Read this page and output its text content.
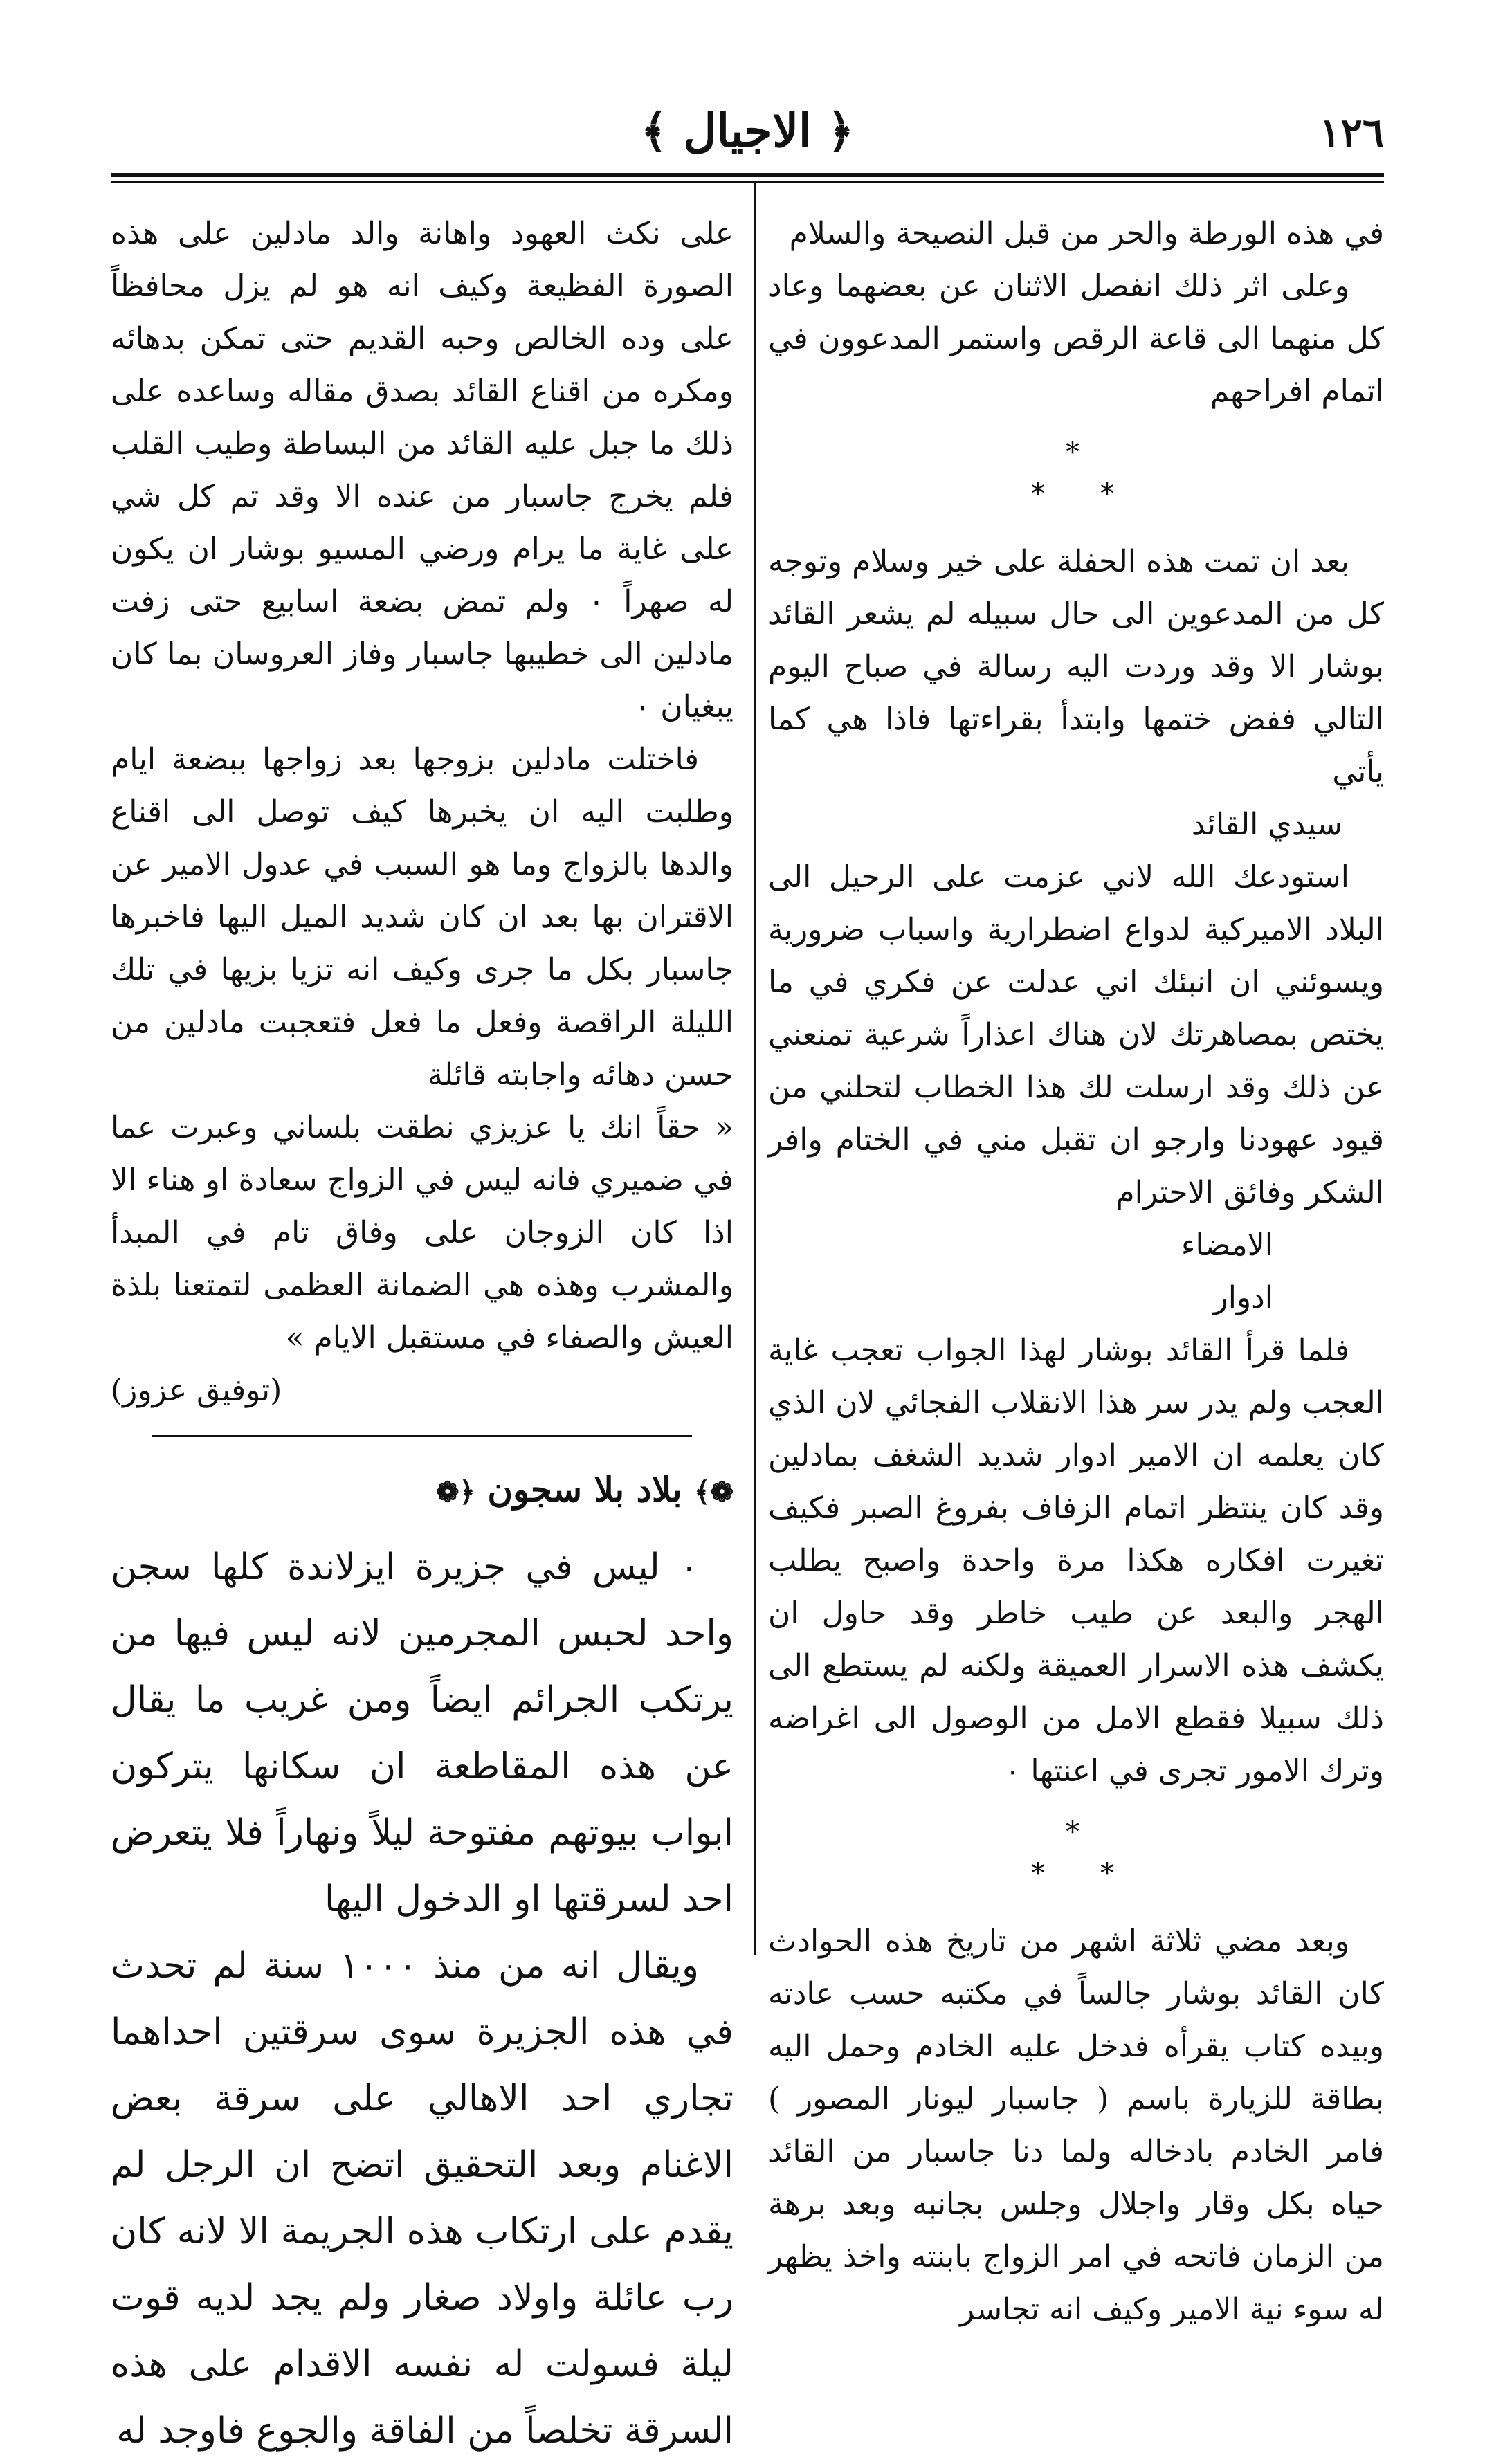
١٢٦
﴿ الاجيال ﴾

في هذه الورطة والحر من قبل النصيحة والسلام

وعلى اثر ذلك انفصل الاثنان عن بعضهما وعاد كل منهما الى قاعة الرقص واستمر المدعوون في اتمام افراحهم

*
* *

بعد ان تمت هذه الحفلة على خير وسلام وتوجه كل من المدعوين الى حال سبيله لم يشعر القائد بوشار الا وقد وردت اليه رسالة في صباح اليوم التالي ففض ختمها وابتدأ بقراءتها فاذا هي كما يأتي

سيدي القائد

استودعك الله لاني عزمت على الرحيل الى البلاد الاميركية لدواع اضطرارية واسباب ضرورية ويسوئني ان انبئك اني عدلت عن فكري في ما يختص بمصاهرتك لان هناك اعذاراً شرعية تمنعني عن ذلك وقد ارسلت لك هذا الخطاب لتحلني من قيود عهودنا وارجو ان تقبل مني في الختام وافر الشكر وفائق الاحترام

الامضاء

ادوار

فلما قرأ القائد بوشار لهذا الجواب تعجب غاية العجب ولم يدر سر هذا الانقلاب الفجائي لان الذي كان يعلمه ان الامير ادوار شديد الشغف بمادلين وقد كان ينتظر اتمام الزفاف بفروغ الصبر فكيف تغيرت افكاره هكذا مرة واحدة واصبح يطلب الهجر والبعد عن طيب خاطر وقد حاول ان يكشف هذه الاسرار العميقة ولكنه لم يستطع الى ذلك سبيلا فقطع الامل من الوصول الى اغراضه وترك الامور تجرى في اعنتها ٠

*
* *

وبعد مضي ثلاثة اشهر من تاريخ هذه الحوادث كان القائد بوشار جالساً في مكتبه حسب عادته وبيده كتاب يقرأه فدخل عليه الخادم وحمل اليه بطاقة للزيارة باسم ( جاسبار ليونار المصور ) فامر الخادم بادخاله ولما دنا جاسبار من القائد حياه بكل وقار واجلال وجلس بجانبه وبعد برهة من الزمان فاتحه في امر الزواج بابنته واخذ يظهر له سوء نية الامير وكيف انه تجاسر

على نكث العهود واهانة والد مادلين على هذه الصورة الفظيعة وكيف انه هو لم يزل محافظاً على وده الخالص وحبه القديم حتى تمكن بدهائه ومكره من اقناع القائد بصدق مقاله وساعده على ذلك ما جبل عليه القائد من البساطة وطيب القلب فلم يخرج جاسبار من عنده الا وقد تم كل شي على غاية ما يرام ورضي المسيو بوشار ان يكون له صهراً ٠ ولم تمض بضعة اسابيع حتى زفت مادلين الى خطيبها جاسبار وفاز العروسان بما كان يبغيان ٠

فاختلت مادلين بزوجها بعد زواجها ببضعة ايام وطلبت اليه ان يخبرها كيف توصل الى اقناع والدها بالزواج وما هو السبب في عدول الامير عن الاقتران بها بعد ان كان شديد الميل اليها فاخبرها جاسبار بكل ما جرى وكيف انه تزيا بزيها في تلك الليلة الراقصة وفعل ما فعل فتعجبت مادلين من حسن دهائه واجابته قائلة

« حقاً انك يا عزيزي نطقت بلساني وعبرت عما في ضميري فانه ليس في الزواج سعادة او هناء الا اذا كان الزوجان على وفاق تام في المبدأ والمشرب وهذه هي الضمانة العظمى لتمتعنا بلذة العيش والصفاء في مستقبل الايام »

(توفيق عزوز)

❁﴾ بلاد بلا سجون ﴿❁

٠ ليس في جزيرة ايزلاندة كلها سجن واحد لحبس المجرمين لانه ليس فيها من يرتكب الجرائم ايضاً ومن غريب ما يقال عن هذه المقاطعة ان سكانها يتركون ابواب بيوتهم مفتوحة ليلاً ونهاراً فلا يتعرض احد لسرقتها او الدخول اليها

ويقال انه من منذ ١٠٠٠ سنة لم تحدث في هذه الجزيرة سوى سرقتين احداهما تجاري احد الاهالي على سرقة بعض الاغنام وبعد التحقيق اتضح ان الرجل لم يقدم على ارتكاب هذه الجريمة الا لانه كان رب عائلة واولاد صغار ولم يجد لديه قوت ليلة فسولت له نفسه الاقدام على هذه السرقة تخلصاً من الفاقة والجوع فاوجد له
